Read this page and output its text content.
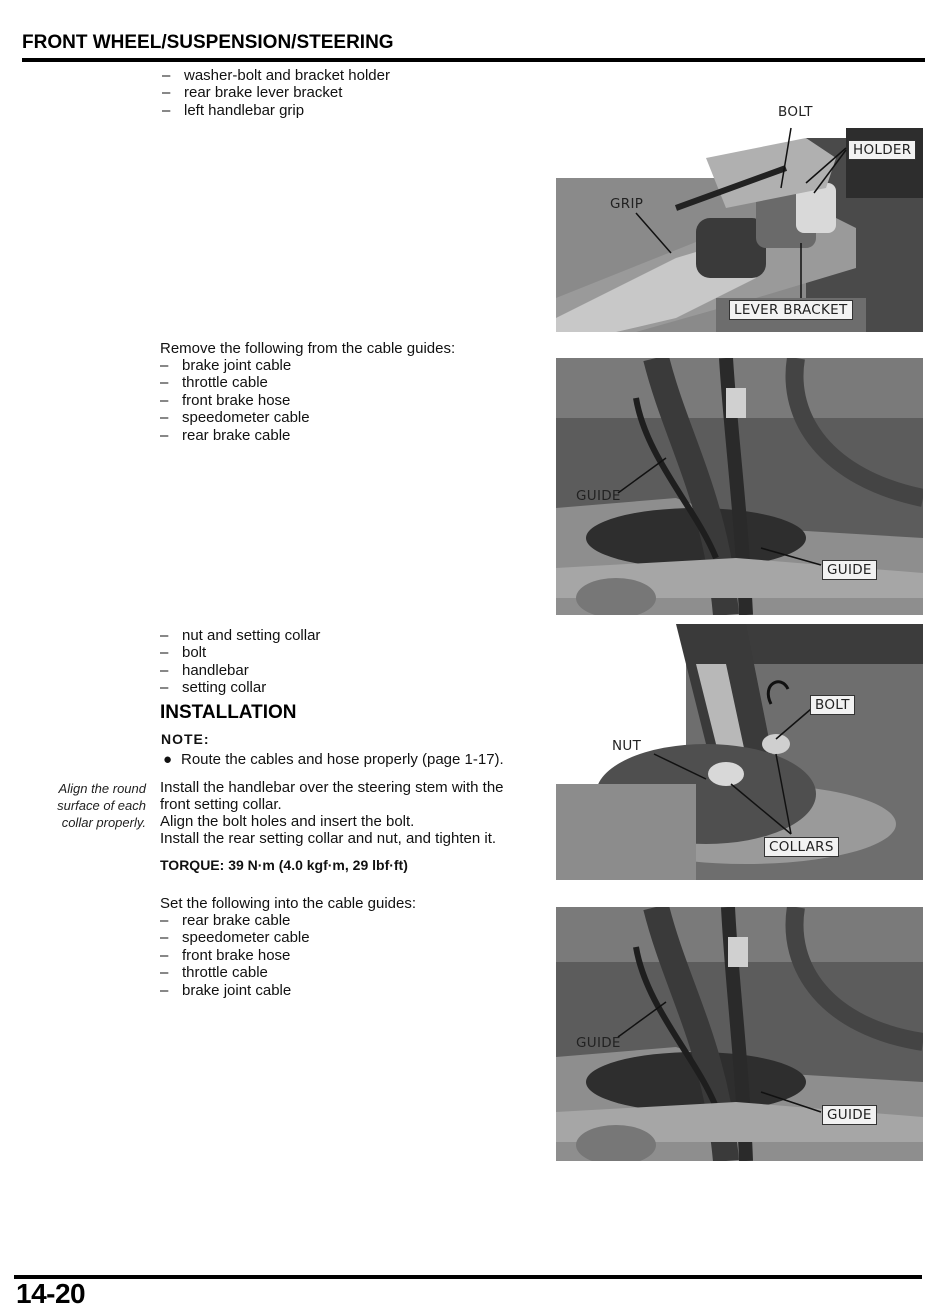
FRONT WHEEL/SUSPENSION/STEERING
– washer-bolt and bracket holder
– rear brake lever bracket
– left handlebar grip
Remove the following from the cable guides:
– brake joint cable
– throttle cable
– front brake hose
– speedometer cable
– rear brake cable
– nut and setting collar
– bolt
– handlebar
– setting collar
INSTALLATION
NOTE:
● Route the cables and hose properly (page 1-17).
Align the round
surface of each
collar properly.
Install the handlebar over the steering stem with the
front setting collar.
Align the bolt holes and insert the bolt.
Install the rear setting collar and nut, and tighten it.
TORQUE: 39 N·m (4.0 kgf·m, 29 lbf·ft)
Set the following into the cable guides:
– rear brake cable
– speedometer cable
– front brake hose
– throttle cable
– brake joint cable
BOLT
HOLDER
GRIP
LEVER BRACKET
GUIDE
GUIDE
BOLT
NUT
COLLARS
GUIDE
GUIDE
14-20
